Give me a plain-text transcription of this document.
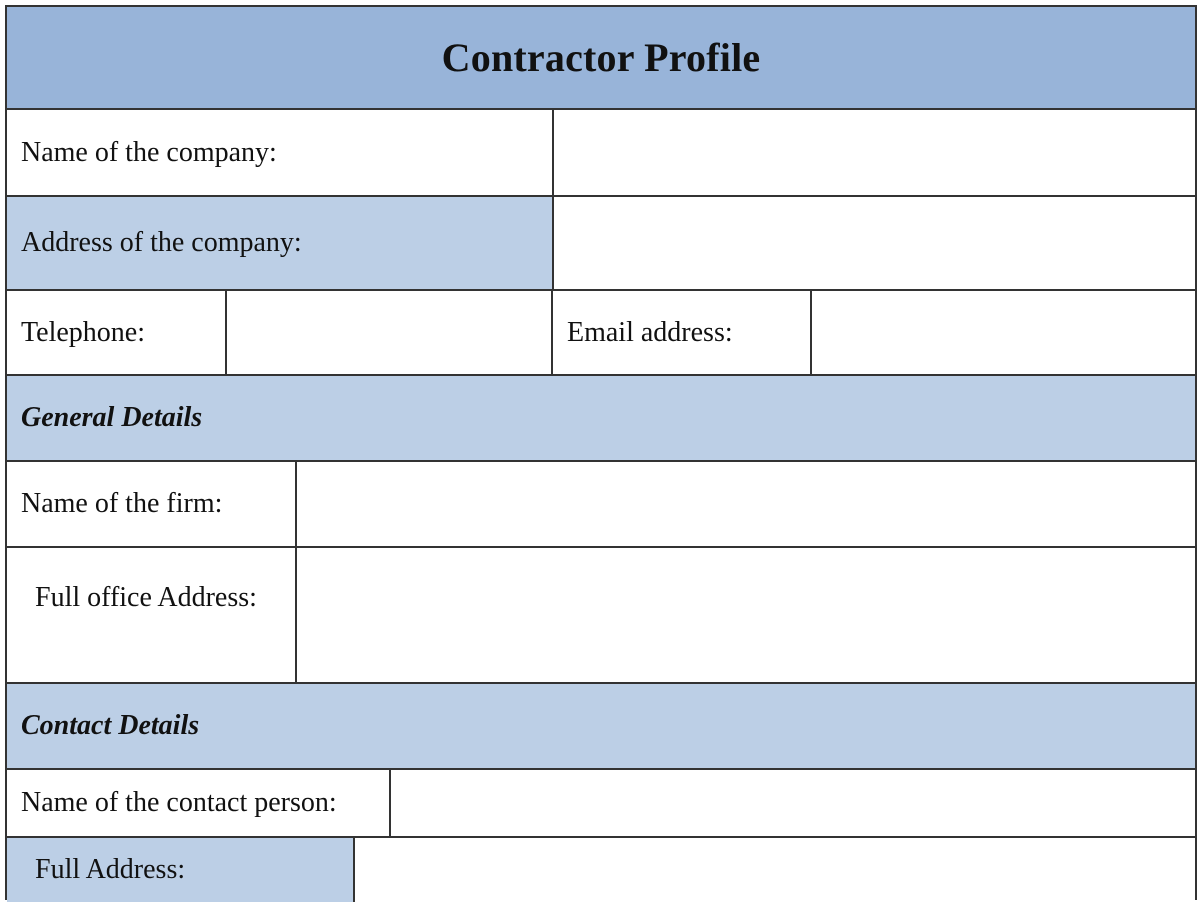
Contractor Profile
Name of the company:
Address of the company:
Telephone:	Email address:
General Details
Name of the firm:
Full office Address:
Contact Details
Name of the contact person:
Full Address:
